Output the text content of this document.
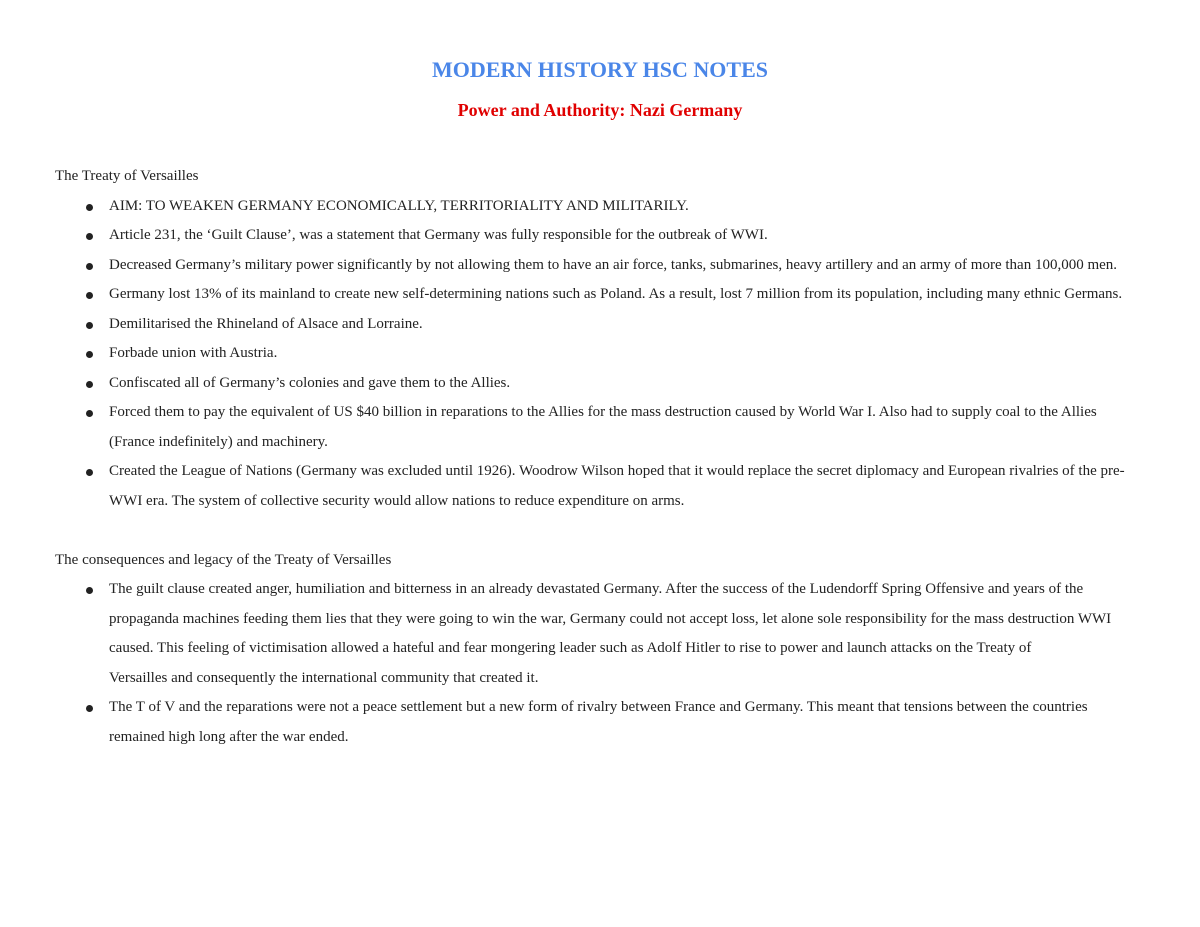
MODERN HISTORY HSC NOTES
Power and Authority: Nazi Germany

The Treaty of Versailles

AIM: TO WEAKEN GERMANY ECONOMICALLY, TERRITORIALITY AND MILITARILY.
Article 231, the ‘Guilt Clause’, was a statement that Germany was fully responsible for the outbreak of WWI.
Decreased Germany’s military power significantly by not allowing them to have an air force, tanks, submarines, heavy artillery and an army of more than 100,000 men.
Germany lost 13% of its mainland to create new self-determining nations such as Poland. As a result, lost 7 million from its population, including many ethnic Germans.
Demilitarised the Rhineland of Alsace and Lorraine.
Forbade union with Austria.
Confiscated all of Germany’s colonies and gave them to the Allies.
Forced them to pay the equivalent of US $40 billion in reparations to the Allies for the mass destruction caused by World War I. Also had to supply coal to the Allies (France indefinitely) and machinery.
Created the League of Nations (Germany was excluded until 1926). Woodrow Wilson hoped that it would replace the secret diplomacy and European rivalries of the pre-WWI era. The system of collective security would allow nations to reduce expenditure on arms.

The consequences and legacy of the Treaty of Versailles

The guilt clause created anger, humiliation and bitterness in an already devastated Germany. After the success of the Ludendorff Spring Offensive and years of the propaganda machines feeding them lies that they were going to win the war, Germany could not accept loss, let alone sole responsibility for the mass destruction WWI caused. This feeling of victimisation allowed a hateful and fear mongering leader such as Adolf Hitler to rise to power and launch attacks on the Treaty of
Versailles and consequently the international community that created it.
The T of V and the reparations were not a peace settlement but a new form of rivalry between France and Germany. This meant that tensions between the countries remained high long after the war ended.
